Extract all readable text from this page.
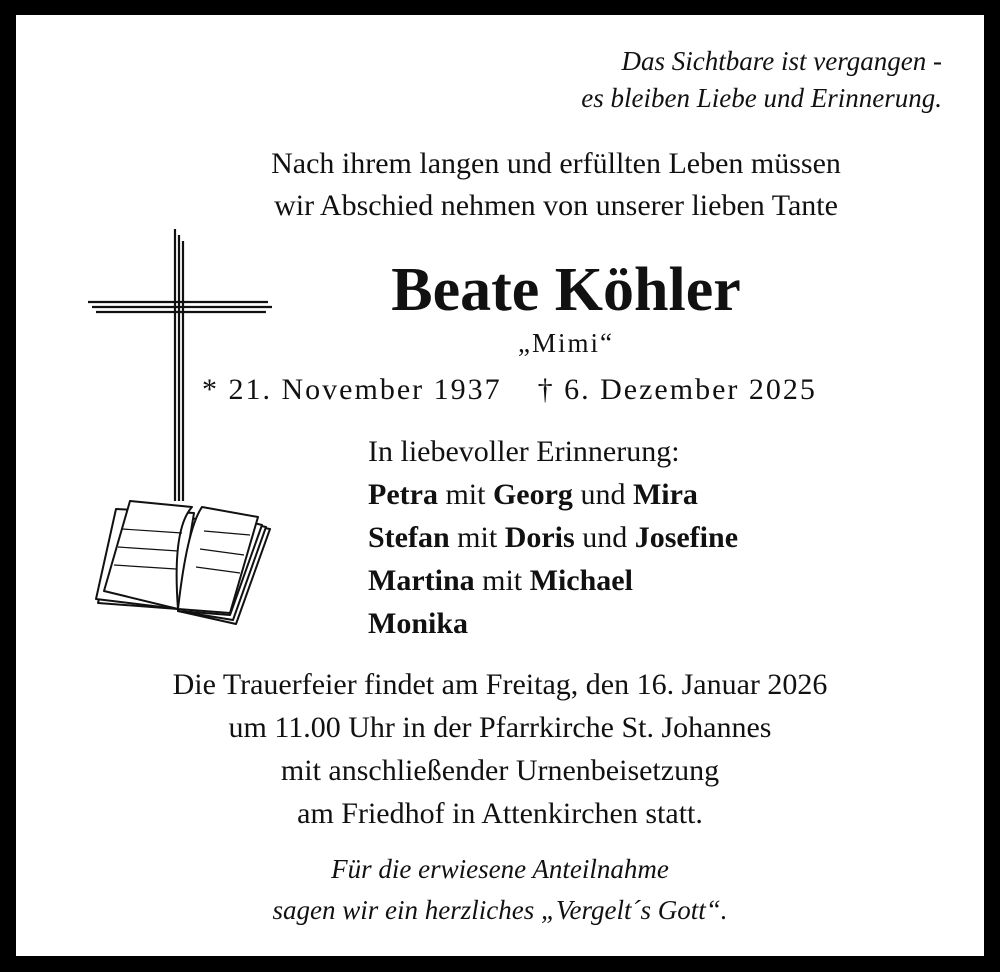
Das Sichtbare ist vergangen -
es bleiben Liebe und Erinnerung.
Nach ihrem langen und erfüllten Leben müssen
wir Abschied nehmen von unserer lieben Tante
Beate Köhler
„Mimi“
* 21. November 1937 † 6. Dezember 2025
In liebevoller Erinnerung:
Petra mit Georg und Mira
Stefan mit Doris und Josefine
Martina mit Michael
Monika
Die Trauerfeier findet am Freitag, den 16. Januar 2026
um 11.00 Uhr in der Pfarrkirche St. Johannes
mit anschließender Urnenbeisetzung
am Friedhof in Attenkirchen statt.
Für die erwiesene Anteilnahme
sagen wir ein herzliches „Vergelt´s Gott“.
